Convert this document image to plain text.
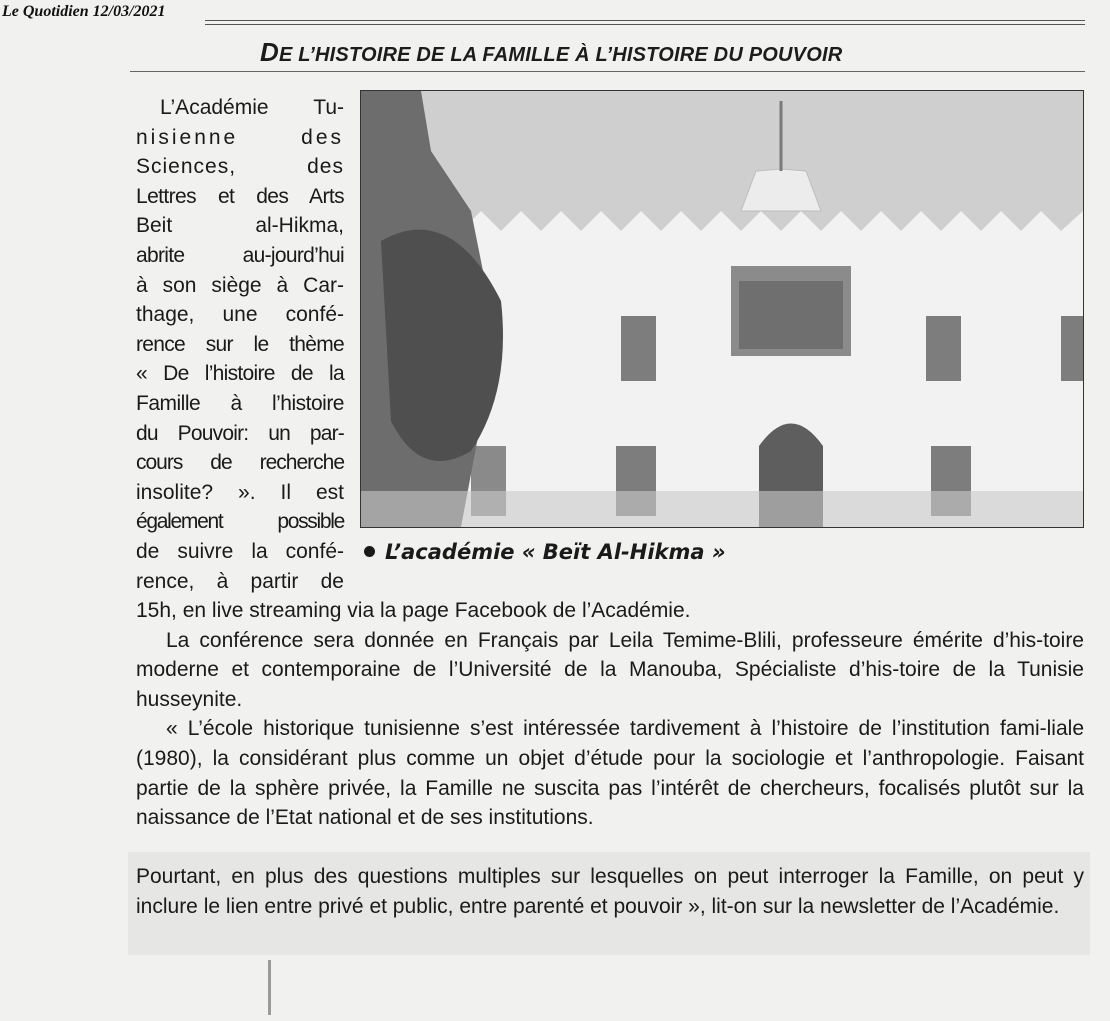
Le Quotidien 12/03/2021
DE L’HISTOIRE DE LA FAMILLE À L’HISTOIRE DU POUVOIR
L’académie « Beït Al-Hikma »
L’Académie Tu-
nisienne des
Sciences, des
Lettres et des Arts
Beit al-Hikma,
abrite au-jourd’hui
à son siège à Car-
thage, une confé-
rence sur le thème
« De l’histoire de la
Famille à l’histoire
du Pouvoir: un par-
cours de recherche
insolite? ». Il est
également possible
de suivre la confé-
rence, à partir de

15h, en live streaming via la page Facebook de l’Académie.

La conférence sera donnée en Français par Leila Temime-Blili, professeure émérite d’his-toire moderne et contemporaine de l’Université de la Manouba, Spécialiste d’his-toire de la Tunisie husseynite.

« L’école historique tunisienne s’est intéressée tardivement à l’histoire de l’institution fami-liale (1980), la considérant plus comme un objet d’étude pour la sociologie et l’anthropologie. Faisant partie de la sphère privée, la Famille ne suscita pas l’intérêt de chercheurs, focalisés plutôt sur la naissance de l’Etat national et de ses institutions.

Pourtant, en plus des questions multiples sur lesquelles on peut interroger la Famille, on peut y inclure le lien entre privé et public, entre parenté et pouvoir », lit-on sur la newsletter de l’Académie.
